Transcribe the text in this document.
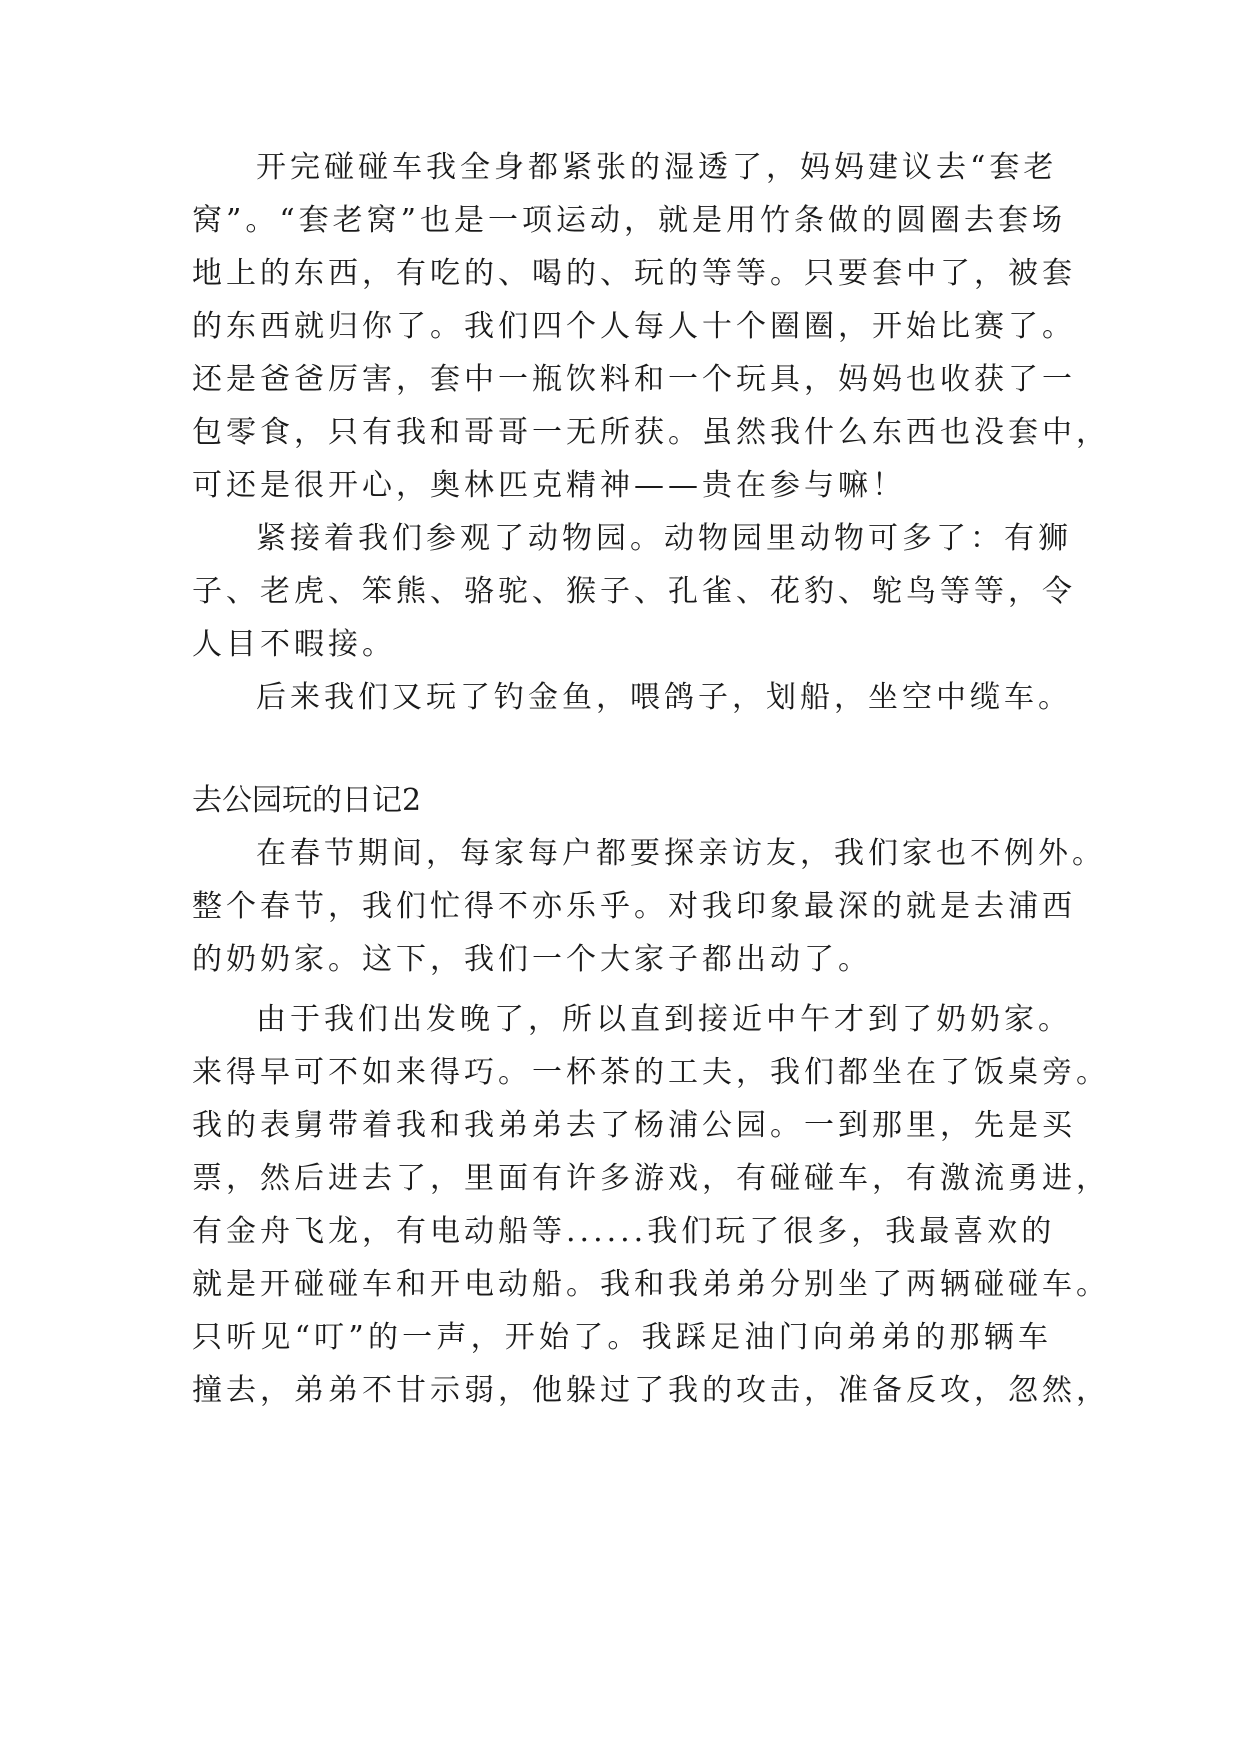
开完碰碰车我全身都紧张的湿透了，妈妈建议去“套老
窝”。“套老窝”也是一项运动，就是用竹条做的圆圈去套场
地上的东西，有吃的、喝的、玩的等等。只要套中了，被套
的东西就归你了。我们四个人每人十个圈圈，开始比赛了。
还是爸爸厉害，套中一瓶饮料和一个玩具，妈妈也收获了一
包零食，只有我和哥哥一无所获。虽然我什么东西也没套中，
可还是很开心，奥林匹克精神——贵在参与嘛！
紧接着我们参观了动物园。动物园里动物可多了：有狮
子、老虎、笨熊、骆驼、猴子、孔雀、花豹、鸵鸟等等，令
人目不暇接。
后来我们又玩了钓金鱼，喂鸽子，划船，坐空中缆车。
去公园玩的日记2
在春节期间，每家每户都要探亲访友，我们家也不例外。
整个春节，我们忙得不亦乐乎。对我印象最深的就是去浦西
的奶奶家。这下，我们一个大家子都出动了。
由于我们出发晚了，所以直到接近中午才到了奶奶家。
来得早可不如来得巧。一杯茶的工夫，我们都坐在了饭桌旁。
我的表舅带着我和我弟弟去了杨浦公园。一到那里，先是买
票，然后进去了，里面有许多游戏，有碰碰车，有激流勇进，
有金舟飞龙，有电动船等......我们玩了很多，我最喜欢的
就是开碰碰车和开电动船。我和我弟弟分别坐了两辆碰碰车。
只听见“叮”的一声，开始了。我踩足油门向弟弟的那辆车
撞去，弟弟不甘示弱，他躲过了我的攻击，准备反攻，忽然，
